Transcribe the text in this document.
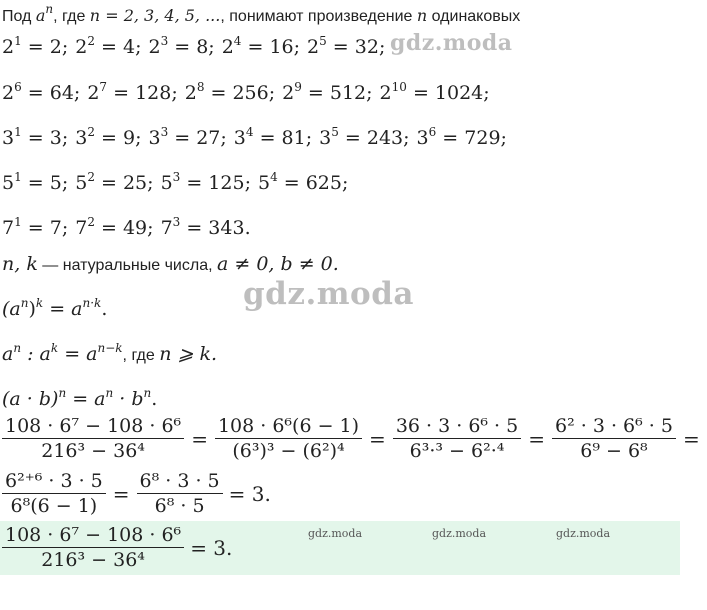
Под $a^n$, где n = 2, 3, 4, 5, ..., понимают произведение n одинаковых
$2^1 = 2$; $2^2 = 4$; $2^3 = 8$; $2^4 = 16$; $2^5 = 32$;
$2^6 = 64$; $2^7 = 128$; $2^8 = 256$; $2^9 = 512$; $2^{10} = 1024$;
$3^1 = 3$; $3^2 = 9$; $3^3 = 27$; $3^4 = 81$; $3^5 = 243$; $3^6 = 729$;
$5^1 = 5$; $5^2 = 25$; $5^3 = 125$; $5^4 = 625$;
$7^1 = 7$; $7^2 = 49$; $7^3 = 343$.
n, k — натуральные числа, a ≠ 0, b ≠ 0.
$(a^n)^k = a^{n\cdot k}$.
$a^n$ : $a^k = a^{n-k}$, где n ⩾ k.
$(a \cdot b)^n = a^n \cdot b^n$.
$\frac{\text{108 · 6⁷ − 108 · 6⁶}}{\text{216³ − 36⁴}} = \frac{\text{108 · 6⁶(6 − 1)}}{\text{(6³)³ − (6²)⁴}} = \frac{\text{36 · 3 · 6⁶ · 5}}{\text{6³·³ − 6²·⁴}} = \frac{\text{6² · 3 · 6⁶ · 5}}{\text{6⁹ − 6⁸}}$ =
$\frac{\text{6²⁺⁶ · 3 · 5}}{\text{6⁸(6 − 1)}} = \frac{\text{6⁸ · 3 · 5}}{\text{6⁸ · 5}} = 3$.
$\frac{\text{108 · 6⁷ − 108 · 6⁶}}{\text{216³ − 36⁴}} = 3$.
gdz.moda
gdz.moda
gdz.moda	gdz.moda	gdz.moda
